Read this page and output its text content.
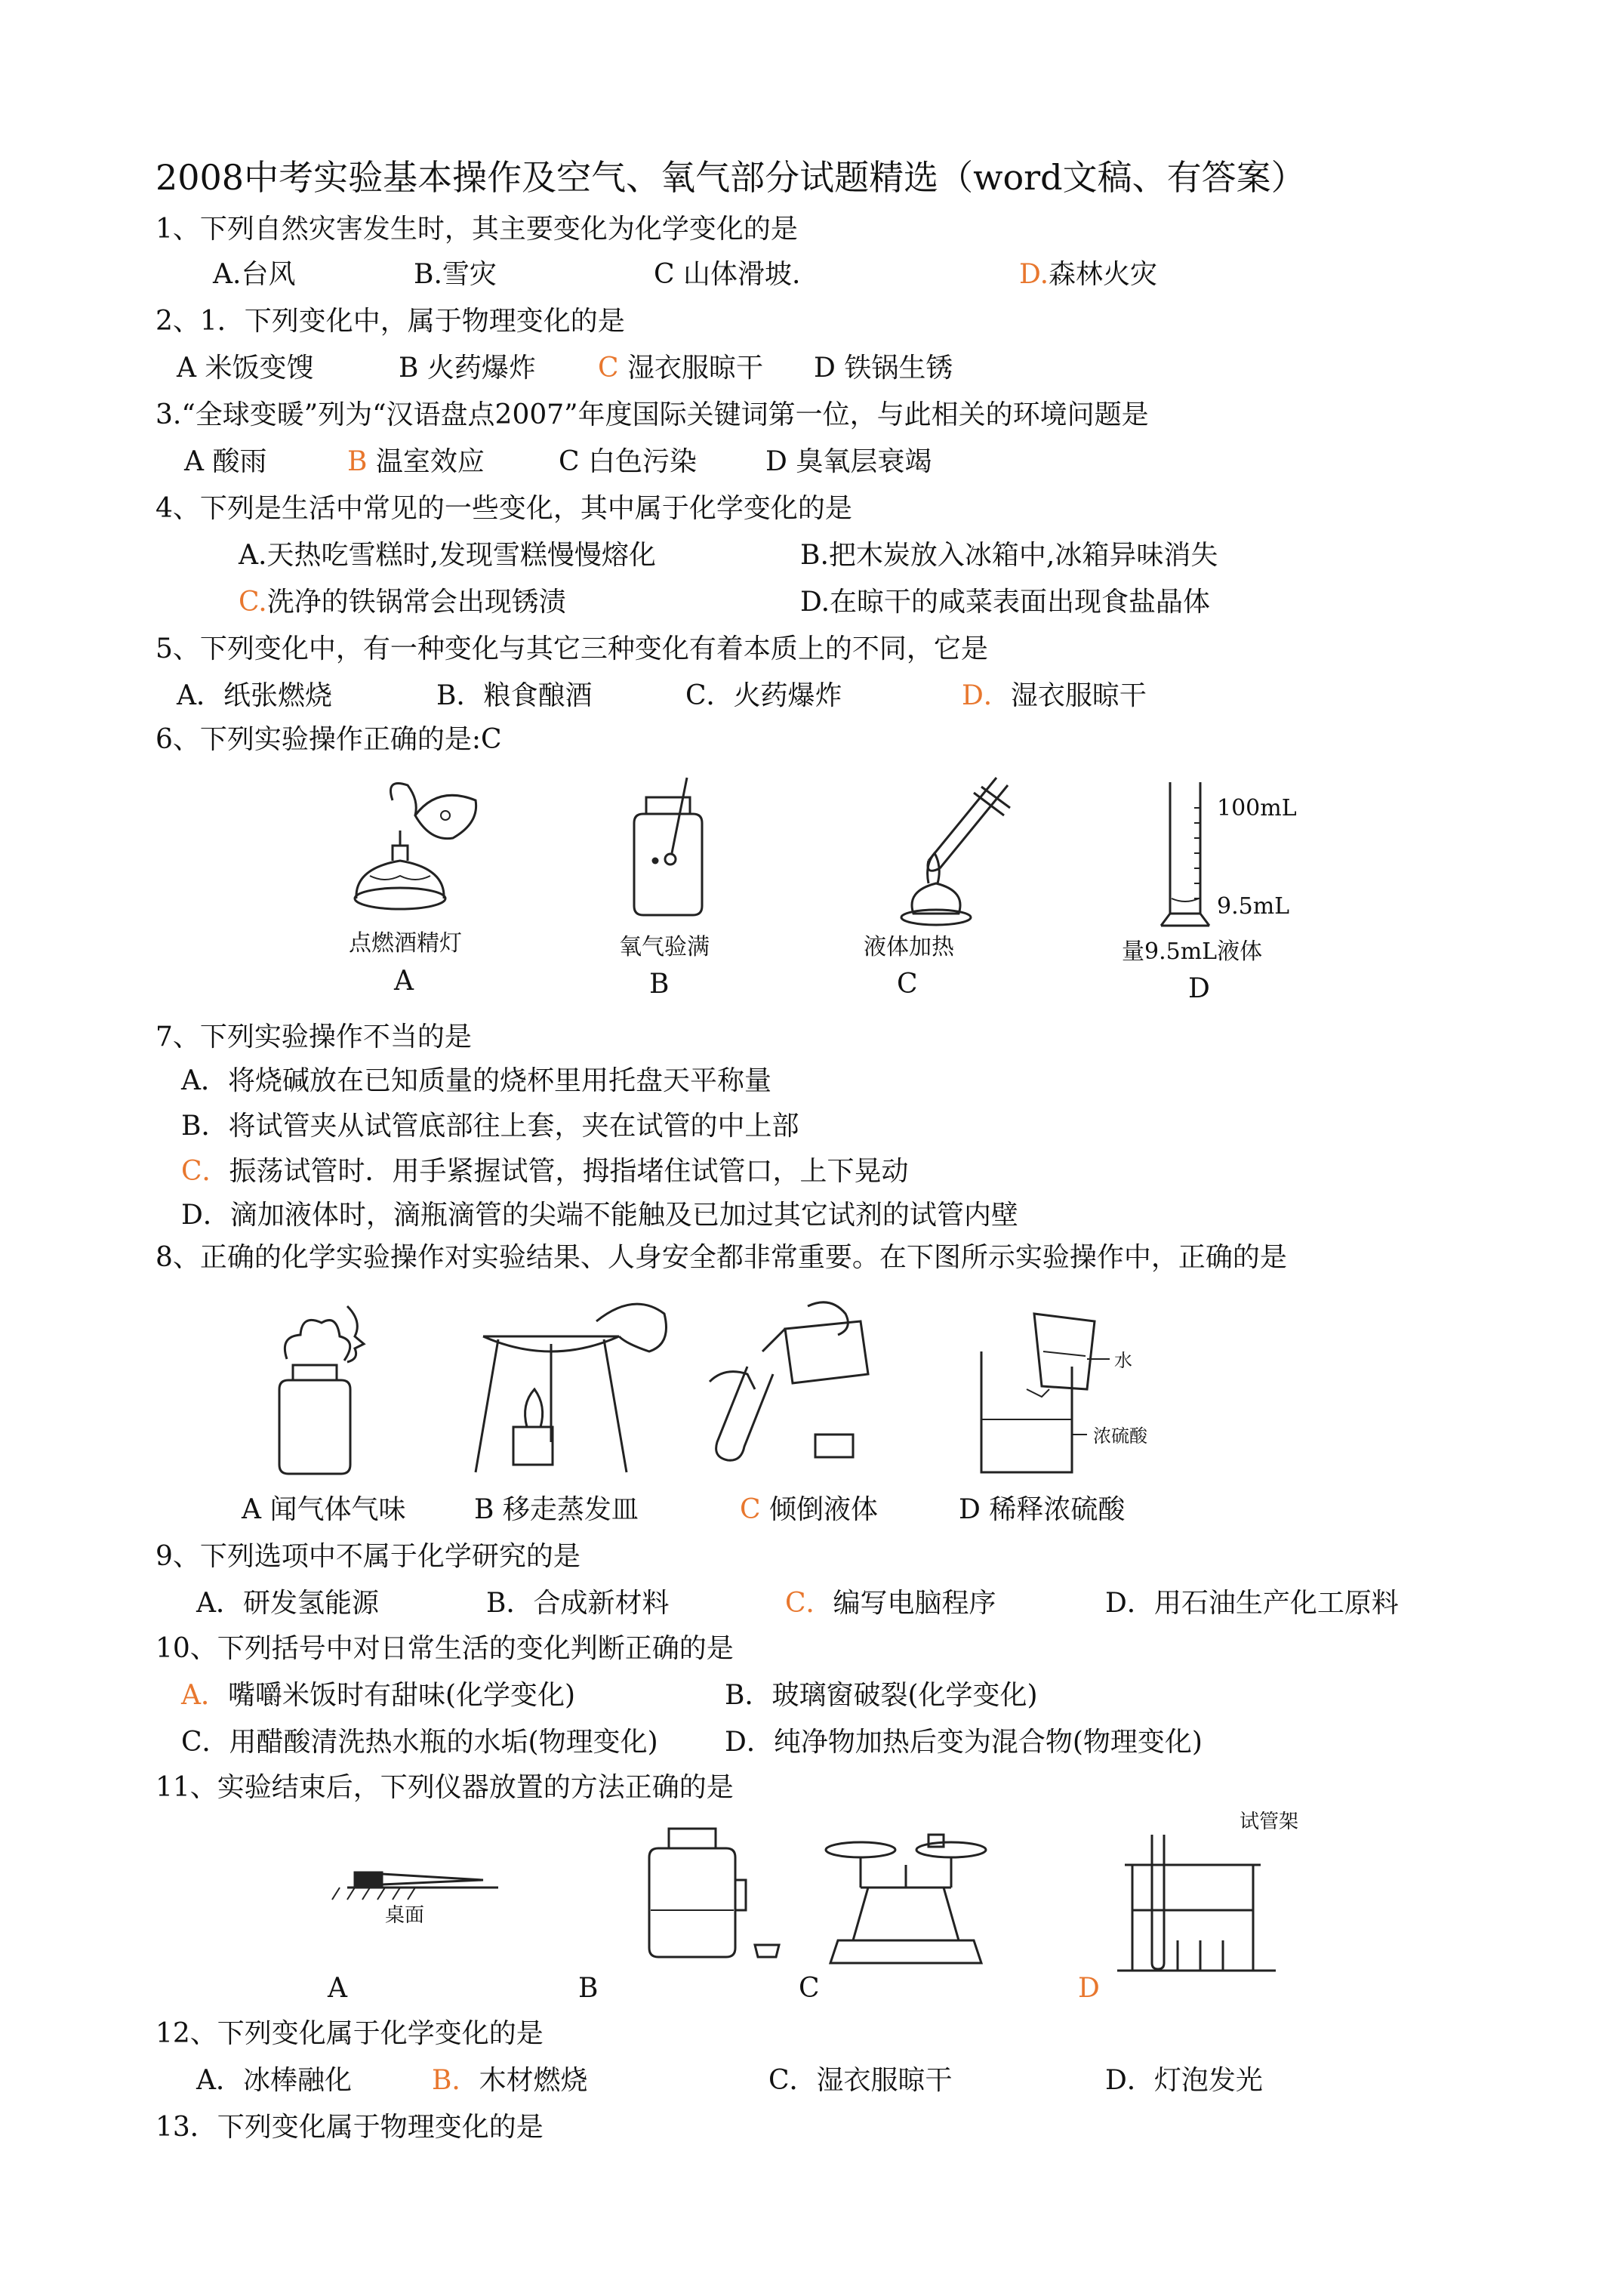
2008中考实验基本操作及空气、氧气部分试题精选（word文稿、有答案）
1、下列自然灾害发生时，其主要变化为化学变化的是
A.台风	B.雪灾	C 山体滑坡.	D.森林火灾
2、1．下列变化中，属于物理变化的是
A 米饭变馊	B 火药爆炸 C 湿衣服晾干 D 铁锅生锈
3.“全球变暖”列为“汉语盘点2007”年度国际关键词第一位，与此相关的环境问题是
A 酸雨	B 温室效应	C 白色污染	D 臭氧层衰竭
4、下列是生活中常见的一些变化，其中属于化学变化的是
A.天热吃雪糕时,发现雪糕慢慢熔化	B.把木炭放入冰箱中,冰箱异味消失
C.洗净的铁锅常会出现锈渍	D.在晾干的咸菜表面出现食盐晶体
5、下列变化中，有一种变化与其它三种变化有着本质上的不同，它是
A．纸张燃烧	B．粮食酿酒	C．火药爆炸	D．湿衣服晾干
6、下列实验操作正确的是:C
点燃酒精灯
A
氧气验满
B
液体加热
C
100mL
9.5mL
量9.5mL液体
D
7、下列实验操作不当的是
A．将烧碱放在已知质量的烧杯里用托盘天平称量
B．将试管夹从试管底部往上套，夹在试管的中上部
C．振荡试管时．用手紧握试管，拇指堵住试管口，上下晃动
D．滴加液体时，滴瓶滴管的尖端不能触及已加过其它试剂的试管内壁
8、正确的化学实验操作对实验结果、人身安全都非常重要。在下图所示实验操作中，正确的是
水
浓硫酸
A 闻气体气味	B 移走蒸发皿	C 倾倒液体	D 稀释浓硫酸
9、下列选项中不属于化学研究的是
A．研发氢能源	B．合成新材料	C．编写电脑程序	D．用石油生产化工原料
10、下列括号中对日常生活的变化判断正确的是
A．嘴嚼米饭时有甜味(化学变化)	B．玻璃窗破裂(化学变化)
C．用醋酸清洗热水瓶的水垢(物理变化) D．纯净物加热后变为混合物(物理变化)
11、实验结束后，下列仪器放置的方法正确的是
桌面
试管架
A	B	C	D
12、下列变化属于化学变化的是
A．冰棒融化	B．木材燃烧	C．湿衣服晾干	D．灯泡发光
13．下列变化属于物理变化的是
